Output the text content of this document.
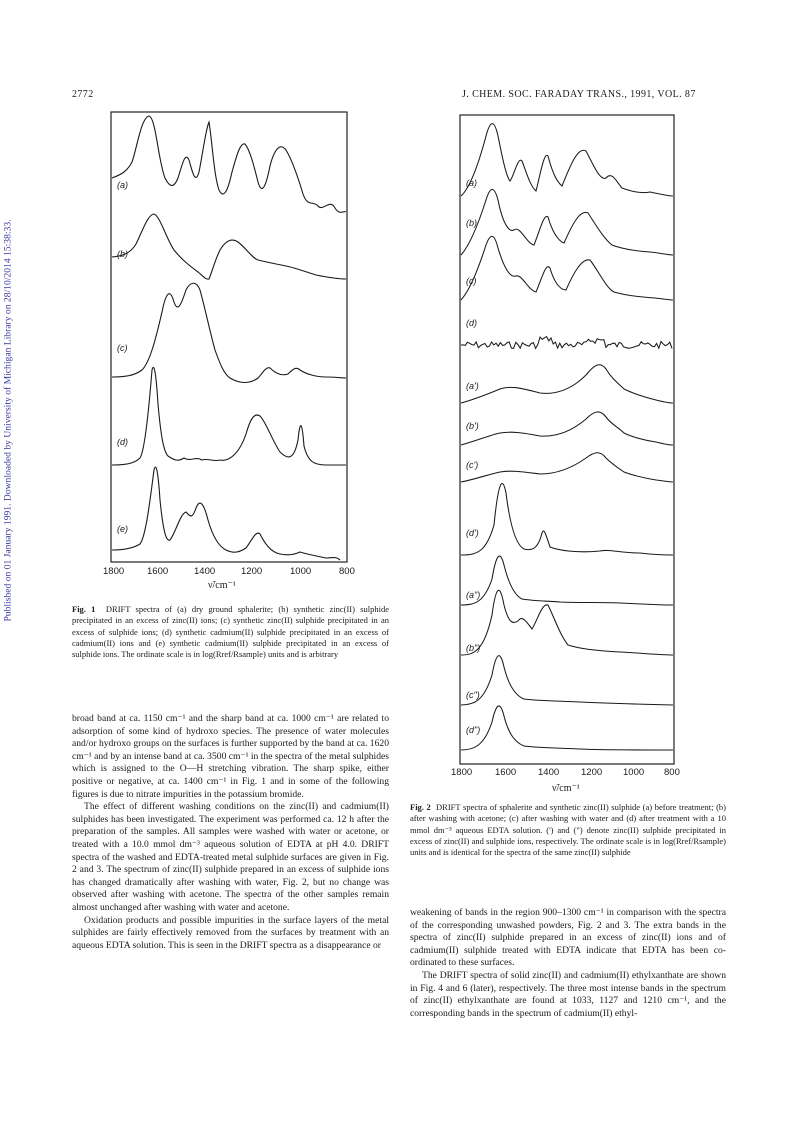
Published on 01 January 1991. Downloaded by University of Michigan Library on 28/10/2014 15:38:33.
2772	J. CHEM. SOC. FARADAY TRANS., 1991, VOL. 87
(a)
(b)
(c)
(d)
(e)
1800 1600	1400	1200	1000	800
ν̃/cm⁻¹
Fig. 1 DRIFT spectra of (a) dry ground sphalerite; (b) synthetic zinc(II) sulphide precipitated in an excess of zinc(II) ions; (c) synthetic zinc(II) sulphide precipitated in an excess of sulphide ions; (d) synthetic cadmium(II) sulphide precipitated in an excess of cadmium(II) ions and (e) synthetic cadmium(II) sulphide precipitated in an excess of sulphide ions. The ordinate scale is in log(Rref/Rsample) units and is arbitrary
(a)
(b)
(c)
(d)
(a')
(b')
(c')
(d')
(a")
(b")
(c")
(d")
1800 1600 1400 1200 1000 800
ν̃/cm⁻¹
Fig. 2 DRIFT spectra of sphalerite and synthetic zinc(II) sulphide (a) before treatment; (b) after washing with acetone; (c) after washing with water and (d) after treatment with a 10 mmol dm⁻³ aqueous EDTA solution. (') and (") denote zinc(II) sulphide precipitated in excess of zinc(II) and sulphide ions, respectively. The ordinate scale is in log(Rref/Rsample) units and is identical for the spectra of the same zinc(II) sulphide

broad band at ca. 1150 cm⁻¹ and the sharp band at ca. 1000 cm⁻¹ are related to adsorption of some kind of hydroxo species. The presence of water molecules and/or hydroxo groups on the surfaces is further supported by the band at ca. 1620 cm⁻¹ and by an intense band at ca. 3500 cm⁻¹ in the spectra of the metal sulphides which is assigned to the O—H stretching vibration. The sharp spike, either positive or negative, at ca. 1400 cm⁻¹ in Fig. 1 and in some of the following figures is due to nitrate impurities in the potassium bromide.

The effect of different washing conditions on the zinc(II) and cadmium(II) sulphides has been investigated. The experiment was performed ca. 12 h after the preparation of the samples. All samples were washed with water or acetone, or treated with a 10.0 mmol dm⁻³ aqueous solution of EDTA at pH 4.0. DRIFT spectra of the washed and EDTA-treated metal sulphide surfaces are given in Fig. 2 and 3. The spectrum of zinc(II) sulphide prepared in an excess of sulphide ions has changed dramatically after washing with water, Fig. 2, but no change was observed after washing with acetone. The spectra of the other samples remain almost unchanged after washing with water and acetone.

Oxidation products and possible impurities in the surface layers of the metal sulphides are fairly effectively removed from the surfaces by treatment with an aqueous EDTA solution. This is seen in the DRIFT spectra as a disappearance or

weakening of bands in the region 900–1300 cm⁻¹ in comparison with the spectra of the corresponding unwashed powders, Fig. 2 and 3. The extra bands in the spectra of zinc(II) sulphide prepared in an excess of zinc(II) ions and of cadmium(II) sulphide treated with EDTA indicate that EDTA has been co-ordinated to these surfaces.

The DRIFT spectra of solid zinc(II) and cadmium(II) ethylxanthate are shown in Fig. 4 and 6 (later), respectively. The three most intense bands in the spectrum of zinc(II) ethylxanthate are found at 1033, 1127 and 1210 cm⁻¹, and the corresponding bands in the spectrum of cadmium(II) ethyl-
